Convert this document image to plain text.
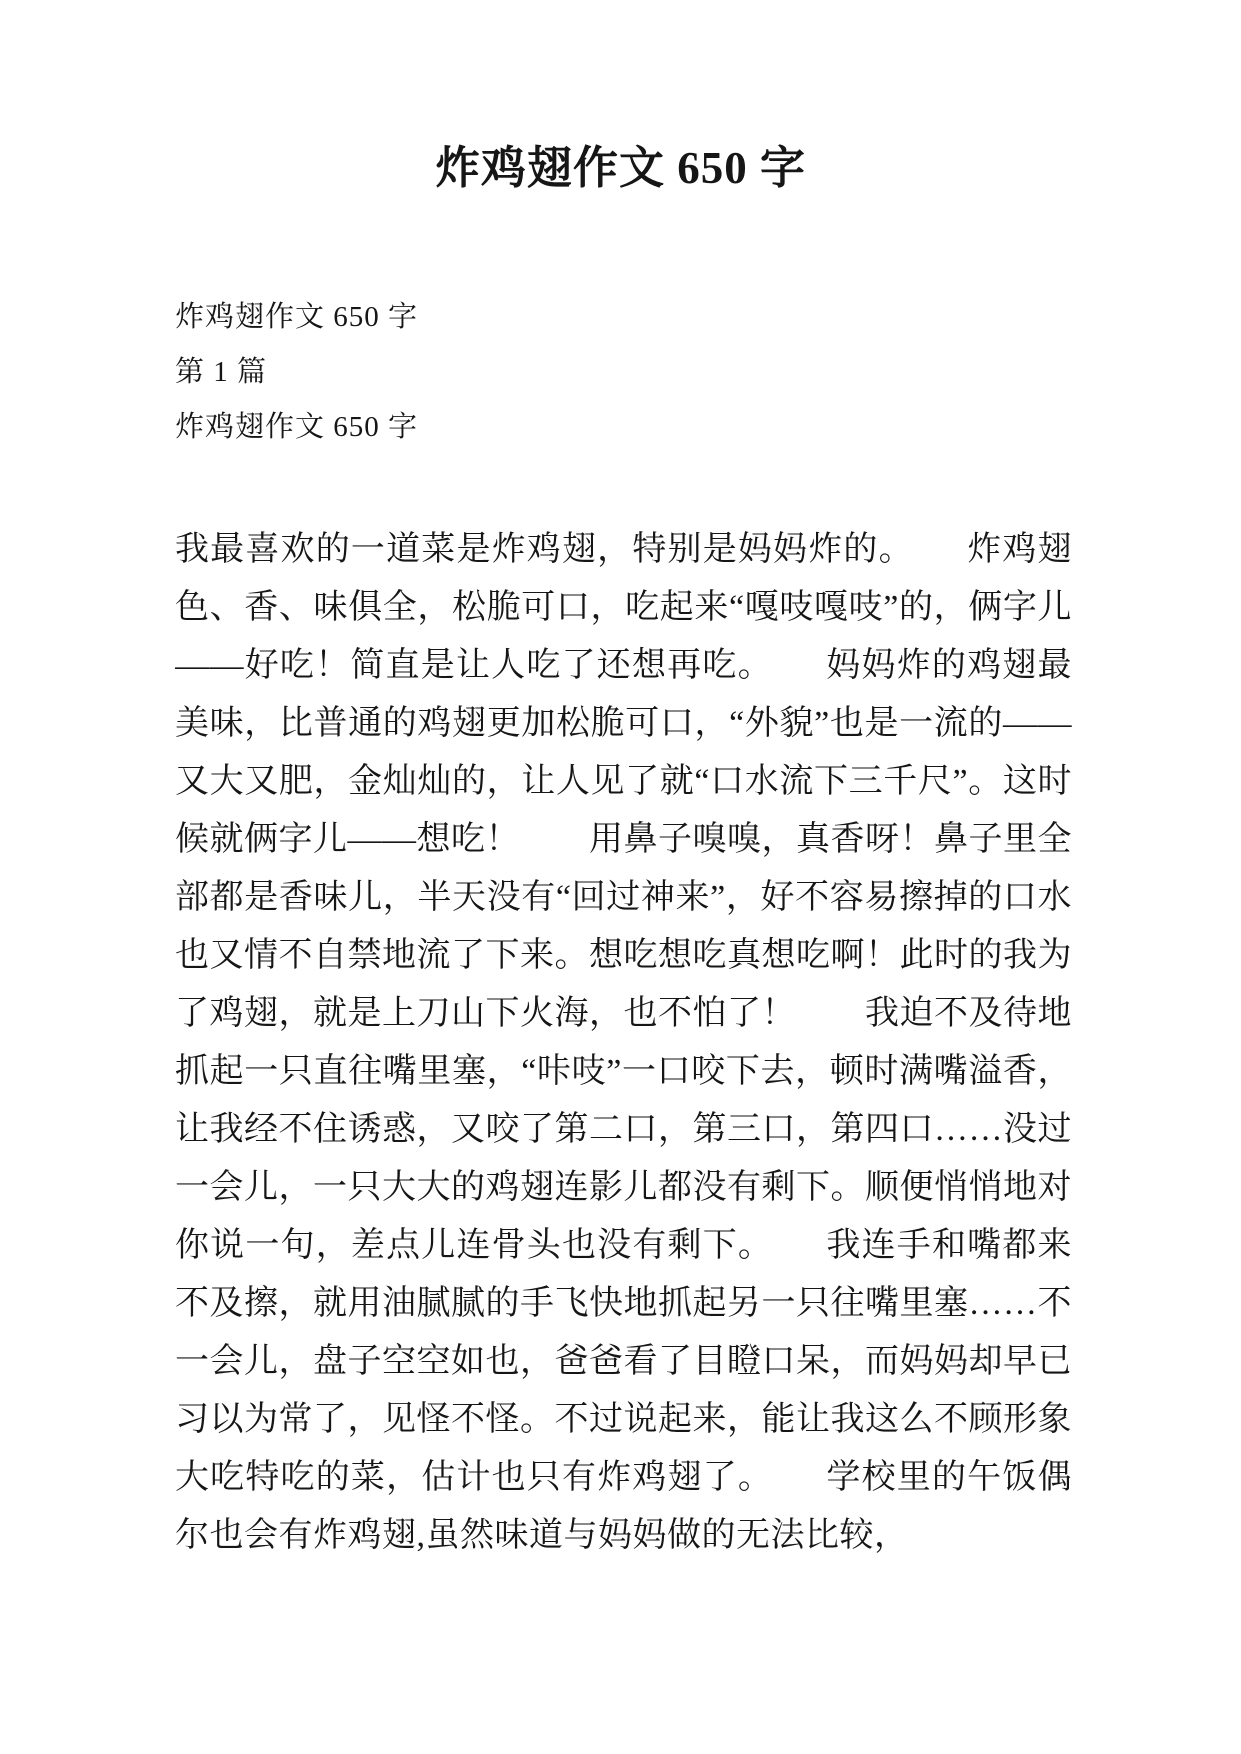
炸鸡翅作文 650 字

炸鸡翅作文 650 字

第 1 篇

炸鸡翅作文 650 字

我最喜欢的一道菜是炸鸡翅，特别是妈妈炸的。　　炸鸡翅色、香、味俱全，松脆可口，吃起来“嘎吱嘎吱”的，俩字儿——好吃！简直是让人吃了还想再吃。　　妈妈炸的鸡翅最美味，比普通的鸡翅更加松脆可口，“外貌”也是一流的——又大又肥，金灿灿的，让人见了就“口水流下三千尺”。这时候就俩字儿——想吃！　　用鼻子嗅嗅，真香呀！鼻子里全部都是香味儿，半天没有“回过神来”，好不容易擦掉的口水也又情不自禁地流了下来。想吃想吃真想吃啊！此时的我为了鸡翅，就是上刀山下火海，也不怕了！　　我迫不及待地抓起一只直往嘴里塞，“咔吱”一口咬下去，顿时满嘴溢香，让我经不住诱惑，又咬了第二口，第三口，第四口……没过一会儿，一只大大的鸡翅连影儿都没有剩下。顺便悄悄地对你说一句，差点儿连骨头也没有剩下。　　我连手和嘴都来不及擦，就用油腻腻的手飞快地抓起另一只往嘴里塞……不一会儿，盘子空空如也，爸爸看了目瞪口呆，而妈妈却早已习以为常了，见怪不怪。不过说起来，能让我这么不顾形象大吃特吃的菜，估计也只有炸鸡翅了。　　学校里的午饭偶尔也会有炸鸡翅,虽然味道与妈妈做的无法比较，
